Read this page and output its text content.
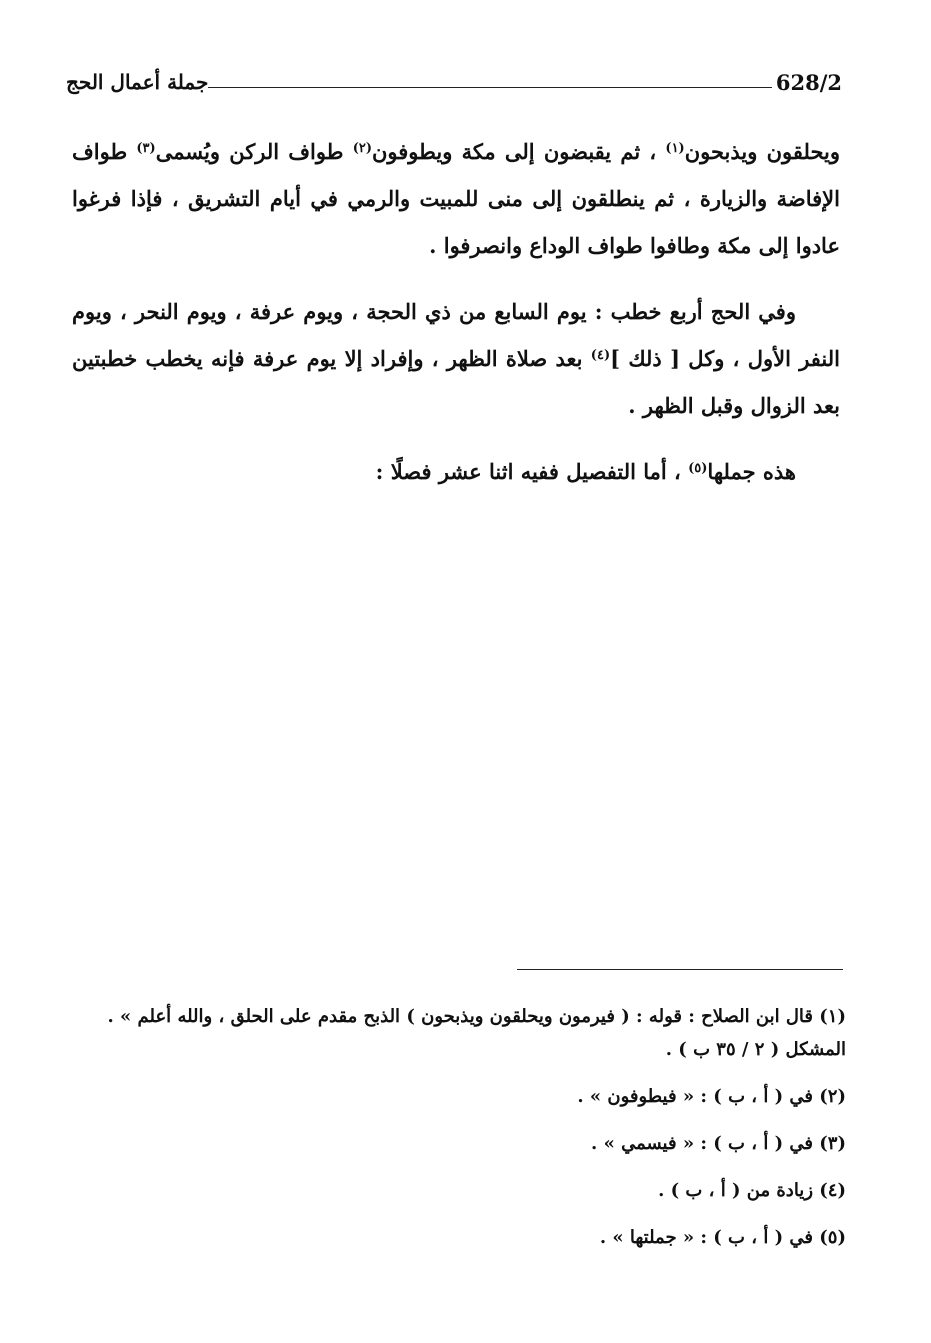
جملة أعمال الحج	628/2

ويحلقون ويذبحون$^{(١)}$ ، ثم يقبضون إلى مكة ويطوفون$^{(٢)}$ طواف الركن ويُسمى$^{(٣)}$ طواف الإفاضة والزيارة ، ثم ينطلقون إلى منى للمبيت والرمي في أيام التشريق ، فإذا فرغوا عادوا إلى مكة وطافوا طواف الوداع وانصرفوا .

وفي الحج أربع خطب : يوم السابع من ذي الحجة ، ويوم عرفة ، ويوم النحر ، ويوم النفر الأول ، وكل [ ذلك ]$^{(٤)}$ بعد صلاة الظهر ، وإفراد إلا يوم عرفة فإنه يخطب خطبتين بعد الزوال وقبل الظهر .

هذه جملها$^{(٥)}$ ، أما التفصيل ففيه اثنا عشر فصلًا :

(١) قال ابن الصلاح : قوله : ( فيرمون ويحلقون ويذبحون ) الذبح مقدم على الحلق ، والله أعلم » . المشكل ( ٢ / ٣٥ ب ) .
(٢) في ( أ ، ب ) : « فيطوفون » .
(٣) في ( أ ، ب ) : « فيسمي » .
(٤) زيادة من ( أ ، ب ) .
(٥) في ( أ ، ب ) : « جملتها » .
